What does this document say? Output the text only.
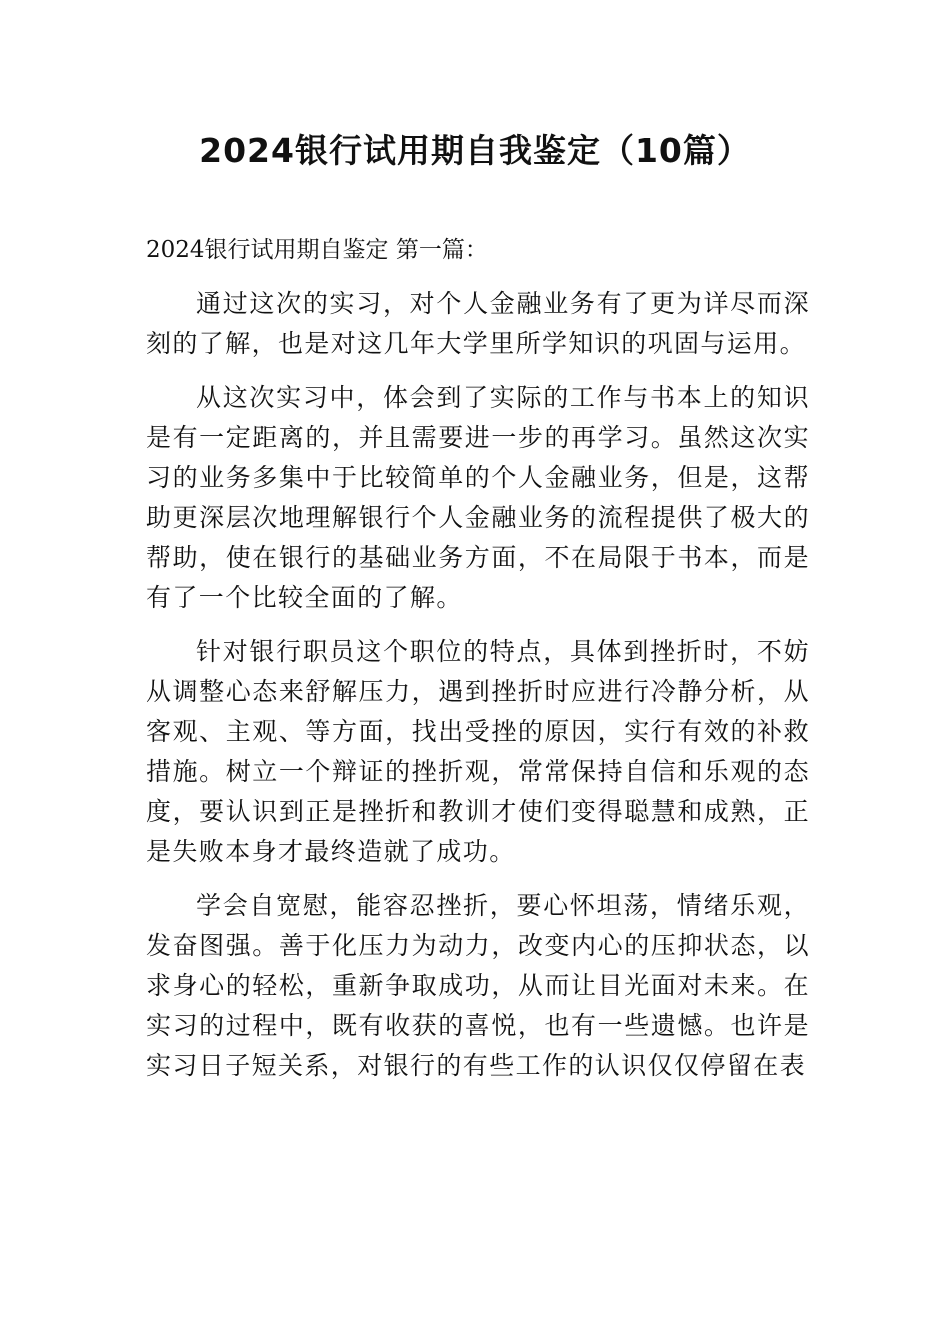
2024银行试用期自我鉴定（10篇）

2024银行试用期自鉴定 第一篇：

通过这次的实习，对个人金融业务有了更为详尽而深刻的了解，也是对这几年大学里所学知识的巩固与运用。

从这次实习中，体会到了实际的工作与书本上的知识是有一定距离的，并且需要进一步的再学习。虽然这次实习的业务多集中于比较简单的个人金融业务，但是，这帮助更深层次地理解银行个人金融业务的流程提供了极大的帮助，使在银行的基础业务方面，不在局限于书本，而是有了一个比较全面的了解。

针对银行职员这个职位的特点，具体到挫折时，不妨从调整心态来舒解压力，遇到挫折时应进行冷静分析，从客观、主观、等方面，找出受挫的原因，实行有效的补救措施。树立一个辩证的挫折观，常常保持自信和乐观的态度，要认识到正是挫折和教训才使们变得聪慧和成熟，正是失败本身才最终造就了成功。

学会自宽慰，能容忍挫折，要心怀坦荡，情绪乐观，发奋图强。善于化压力为动力，改变内心的压抑状态，以求身心的轻松，重新争取成功，从而让目光面对未来。在实习的过程中，既有收获的喜悦，也有一些遗憾。也许是实习日子短关系，对银行的有些工作的认识仅仅停留在表
